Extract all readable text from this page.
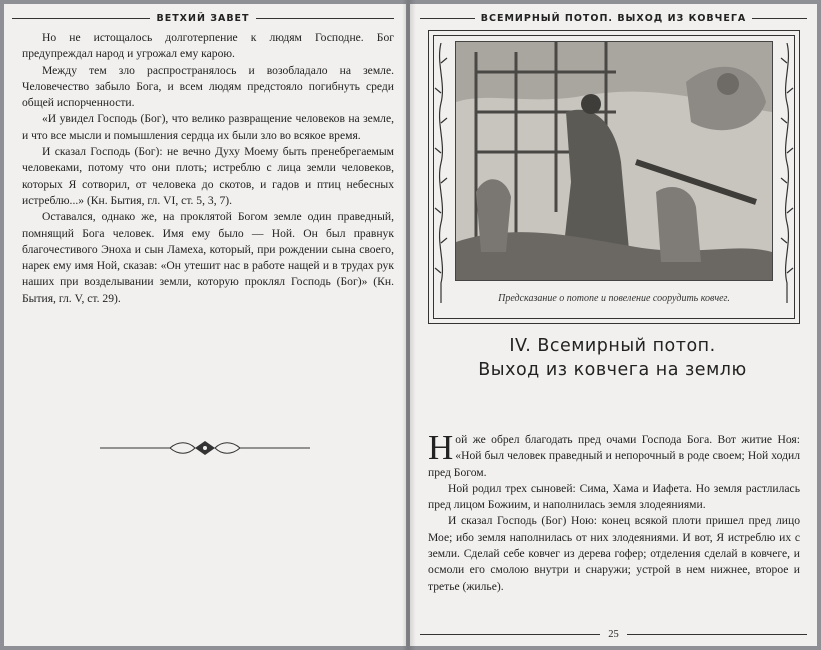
ВЕТХИЙ ЗАВЕТ

Но не истощалось долготерпение к людям Господне. Бог предупреждал народ и угрожал ему карою.

Между тем зло распространялось и возобладало на земле. Человечество забыло Бога, и всем людям предстояло погибнуть среди общей испорченности.

«И увидел Господь (Бог), что велико развращение человеков на земле, и что все мысли и помышления сердца их были зло во всякое время.

И сказал Господь (Бог): не вечно Духу Моему быть пренебрегаемым человеками, потому что они плоть; истреблю с лица земли человеков, которых Я сотворил, от человека до скотов, и гадов и птиц небесных истреблю...» (Кн. Бытия, гл. VI, ст. 5, 3, 7).

Оставался, однако же, на проклятой Богом земле один праведный, помнящий Бога человек. Имя ему было — Ной. Он был правнук благочестивого Эноха и сын Ламеха, который, при рождении сына своего, нарек ему имя Ной, сказав: «Он утешит нас в работе нащей и в трудах рук наших при возделывании земли, которую проклял Господь (Бог)» (Кн. Бытия, гл. V, ст. 29).

ВСЕМИРНЫЙ ПОТОП. ВЫХОД ИЗ КОВЧЕГА
Предсказание о потопе и повеление соорудить ковчег.
IV. Всемирный потоп.
Выход из ковчега на землю

Ной же обрел благодать пред очами Господа Бога. Вот житие Ноя: «Ной был человек праведный и непорочный в роде своем; Ной ходил пред Богом.

Ной родил трех сыновей: Сима, Хама и Иафета. Но земля растлилась пред лицом Божиим, и наполнилась земля злодеяниями.

И сказал Господь (Бог) Ною: конец всякой плоти пришел пред лицо Мое; ибо земля наполнилась от них злодеяниями. И вот, Я истреблю их с земли. Сделай себе ковчег из дерева гофер; отделения сделай в ковчеге, и осмоли его смолою внутри и снаружи; устрой в нем нижнее, второе и третье (жилье).

25
